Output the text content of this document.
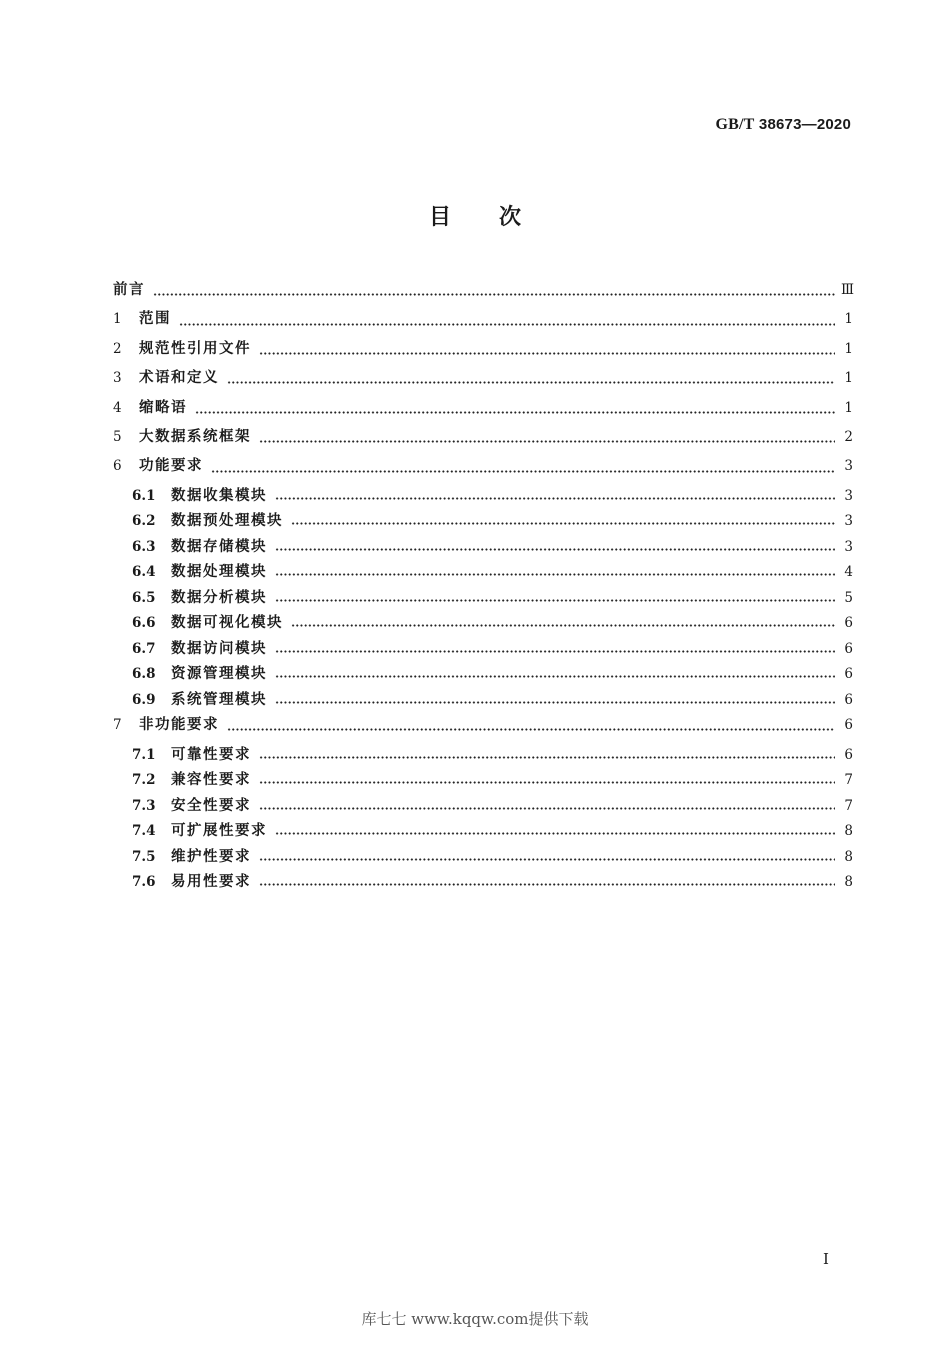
GB/T 38673—2020
目次
前言	Ⅲ
1	范围	1
2	规范性引用文件	1
3	术语和定义	1
4	缩略语	1
5	大数据系统框架	2
6	功能要求	3
6.1	数据收集模块	3
6.2	数据预处理模块	3
6.3	数据存储模块	3
6.4	数据处理模块	4
6.5	数据分析模块	5
6.6	数据可视化模块	6
6.7	数据访问模块	6
6.8	资源管理模块	6
6.9	系统管理模块	6
7	非功能要求	6
7.1	可靠性要求	6
7.2	兼容性要求	7
7.3	安全性要求	7
7.4	可扩展性要求	8
7.5	维护性要求	8
7.6	易用性要求	8
I
库七七 www.kqqw.com提供下载
